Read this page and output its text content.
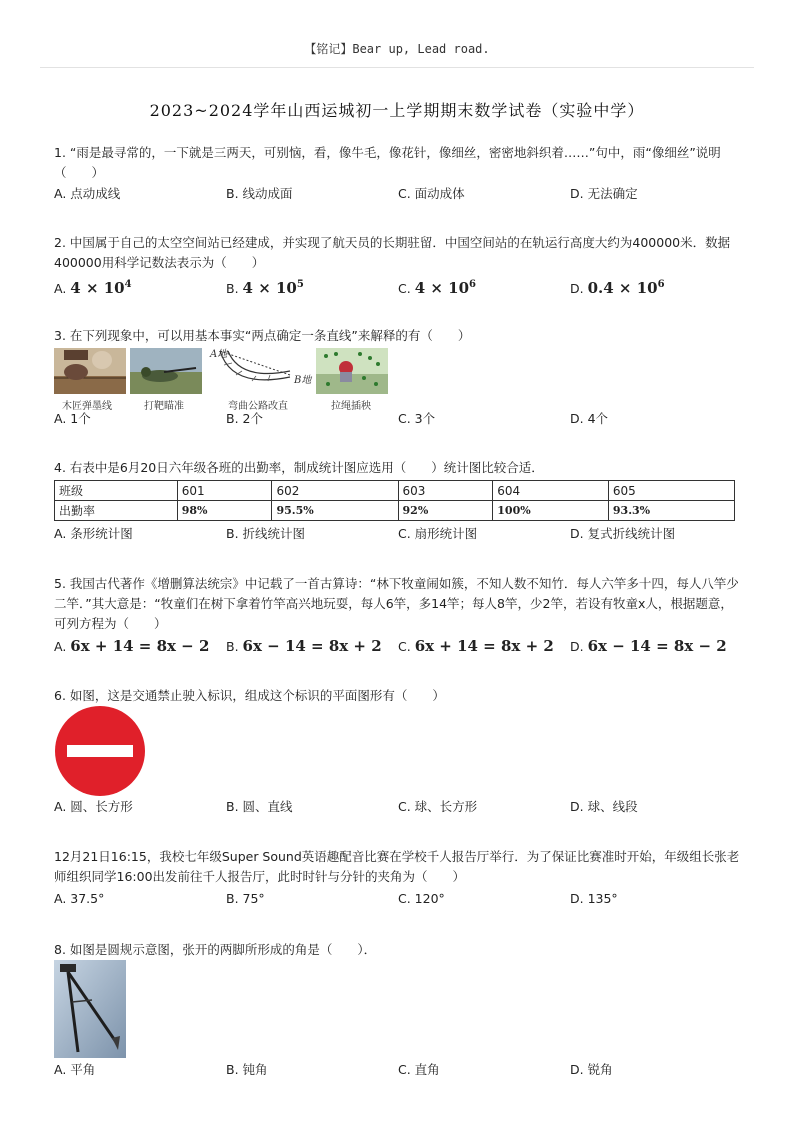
【铭记】Bear up, Lead road.
2023~2024学年山西运城初一上学期期末数学试卷（实验中学）
1. “雨是最寻常的，一下就是三两天，可别恼，看，像牛毛，像花针，像细丝，密密地斜织着……”句中，雨“像细丝”说明（　　）
A. 点动成线	B. 线动成面	C. 面动成体	D. 无法确定
2. 中国属于自己的太空空间站已经建成，并实现了航天员的长期驻留．中国空间站的在轨运行高度大约为400000米．数据400000用科学记数法表示为（　　）
A. $4 \times 10^4$	B. $4 \times 10^5$	C. $4 \times 10^6$	D. $0.4 \times 10^6$
3. 在下列现象中，可以用基本事实“两点确定一条直线”来解释的有（　　）
A地
B地
木匠弹墨线	打靶瞄准	弯曲公路改直	拉绳插秧
A. 1个	B. 2个	C. 3个	D. 4个
4. 右表中是6月20日六年级各班的出勤率，制成统计图应选用（　　）统计图比较合适．
班级	601	602	603	604	605
出勤率	98%	95.5%	92%	100%	93.3%
A. 条形统计图	B. 折线统计图	C. 扇形统计图	D. 复式折线统计图
5. 我国古代著作《增删算法统宗》中记载了一首古算诗：“林下牧童闹如簇，不知人数不知竹．每人六竿多十四，每人八竿少二竿．”其大意是：“牧童们在树下拿着竹竿高兴地玩耍，每人6竿，多14竿；每人8竿，少2竿，若设有牧童x人，根据题意，可列方程为（　　）
A. 6x + 14 = 8x − 2 B. 6x − 14 = 8x + 2 C. 6x + 14 = 8x + 2 D. 6x − 14 = 8x − 2
6. 如图，这是交通禁止驶入标识，组成这个标识的平面图形有（　　）
A. 圆、长方形	B. 圆、直线	C. 球、长方形	D. 球、线段
12月21日16:15，我校七年级Super Sound英语趣配音比赛在学校千人报告厅举行．为了保证比赛准时开始，年级组长张老师组织同学16:00出发前往千人报告厅，此时时针与分针的夹角为（　　）
A. 37.5°	B. 75°	C. 120°	D. 135°
8. 如图是圆规示意图，张开的两脚所形成的角是（　　）．
A. 平角	B. 钝角	C. 直角	D. 锐角
